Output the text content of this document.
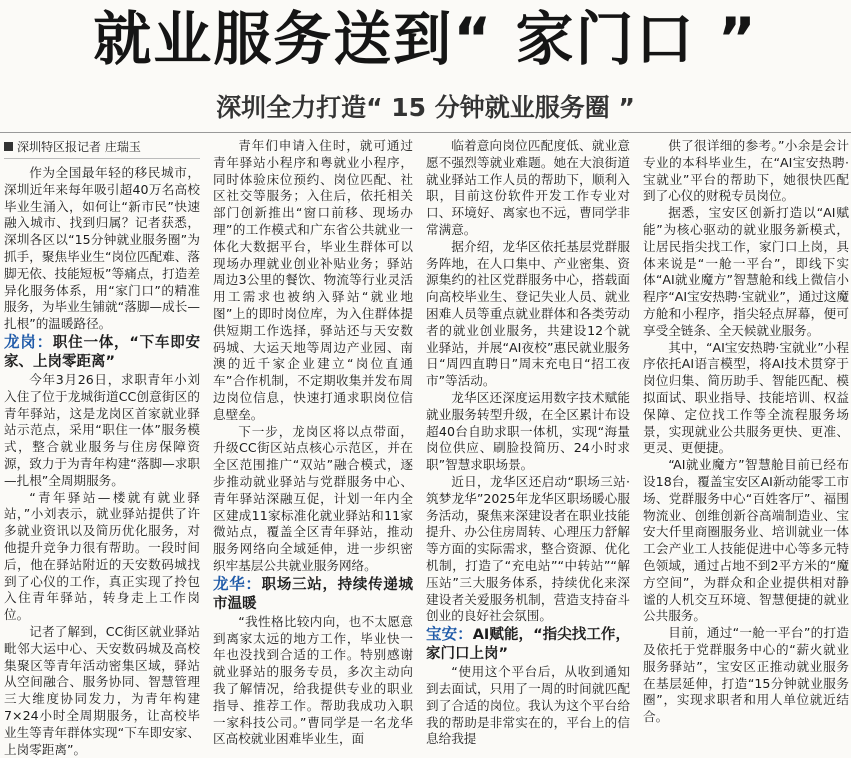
就业服务送到“ 家门口 ”
深圳全力打造“ 15 分钟就业服务圈 ”
深圳特区报记者 庄瑞玉

作为全国最年轻的移民城市，深圳近年来每年吸引超40万名高校毕业生涌入，如何让“新市民”快速融入城市、找到归属？记者获悉，深圳各区以“15分钟就业服务圈”为抓手，聚焦毕业生“岗位匹配难、落脚无依、技能短板”等痛点，打造差异化服务体系，用“家门口”的精准服务，为毕业生铺就“落脚—成长—扎根”的温暖路径。

龙岗：职住一体，“下车即安家、上岗零距离”

今年3月26日，求职青年小刘入住了位于龙城街道CC创意街区的青年驿站，这是龙岗区首家就业驿站示范点，采用“职住一体”服务模式，整合就业服务与住房保障资源，致力于为青年构建“落脚—求职—扎根”全周期服务。

“青年驿站—楼就有就业驿站，”小刘表示，就业驿站提供了许多就业资讯以及简历优化服务，对他提升竞争力很有帮助。一段时间后，他在驿站附近的天安数码城找到了心仪的工作，真正实现了拎包入住青年驿站，转身走上工作岗位。

记者了解到，CC街区就业驿站毗邻大运中心、天安数码城及高校集聚区等青年活动密集区域，驿站从空间融合、服务协同、智慧管理三大维度协同发力，为青年构建7×24小时全周期服务，让高校毕业生等青年群体实现“下车即安家、上岗零距离”。

青年们申请入住时，就可通过青年驿站小程序和粤就业小程序，同时体验床位预约、岗位匹配、社区社交等服务；入住后，依托相关部门创新推出“窗口前移、现场办理”的工作模式和广东省公共就业一体化大数据平台，毕业生群体可以现场办理就业创业补贴业务；驿站周边3公里的餐饮、物流等行业灵活用工需求也被纳入驿站“就业地图”上的即时岗位库，为入住群体提供短期工作选择，驿站还与天安数码城、大运天地等周边产业园、南澳的近千家企业建立“岗位直通车”合作机制，不定期收集并发布周边岗位信息，快速打通求职岗位信息壁垒。

下一步，龙岗区将以点带面，升级CC街区站点核心示范区，并在全区范围推广“双站”融合模式，逐步推动就业驿站与党群服务中心、青年驿站深融互促，计划一年内全区建成11家标准化就业驿站和11家微站点，覆盖全区青年驿站，推动服务网络向全域延伸，进一步织密织牢基层公共就业服务网络。

龙华：职场三站，持续传递城市温暖

“我性格比较内向，也不太愿意到离家太远的地方工作，毕业快一年也没找到合适的工作。特别感谢就业驿站的服务专员，多次主动向我了解情况，给我提供专业的职业指导、推荐工作。帮助我成功入职一家科技公司。”曹同学是一名龙华区高校就业困难毕业生，面

临着意向岗位匹配度低、就业意愿不强烈等就业难题。她在大浪街道就业驿站工作人员的帮助下，顺利入职，目前这份软件开发工作专业对口、环境好、离家也不远，曹同学非常满意。

据介绍，龙华区依托基层党群服务阵地，在人口集中、产业密集、资源集约的社区党群服务中心，搭载面向高校毕业生、登记失业人员、就业困难人员等重点就业群体和各类劳动者的就业创业服务，共建设12个就业驿站，并展“AI夜校”惠民就业服务日“周四直聘日”周末充电日“招工夜市”等活动。

龙华区还深度运用数字技术赋能就业服务转型升级，在全区累计布设超40台自助求职一体机，实现“海量岗位供应、刷脸投简历、24小时求职”智慧求职场景。

近日，龙华区还启动“职场三站·筑梦龙华”2025年龙华区职场暖心服务活动，聚焦来深建设者在职业技能提升、办公住房周转、心理压力舒解等方面的实际需求，整合资源、优化机制，打造了“充电站”“中转站”“解压站”三大服务体系，持续优化来深建设者关爱服务机制，营造支持奋斗创业的良好社会氛围。

宝安：AI赋能，“指尖找工作，家门口上岗”

“使用这个平台后，从收到通知到去面试，只用了一周的时间就匹配到了合适的岗位。我认为这个平台给我的帮助是非常实在的，平台上的信息给我提

供了很详细的参考。”小余是会计专业的本科毕业生，在“AI宝安热聘·宝就业”平台的帮助下，她很快匹配到了心仪的财税专员岗位。

据悉，宝安区创新打造以“AI赋能”为核心驱动的就业服务新模式，让居民指尖找工作，家门口上岗，具体来说是“一舱一平台”，即线下实体“AI就业魔方”智慧舱和线上微信小程序“AI宝安热聘·宝就业”，通过这魔方舱和小程序，指尖轻点屏幕，便可享受全链条、全天候就业服务。

其中，“AI宝安热聘·宝就业”小程序依托AI语言模型，将AI技术贯穿于岗位归集、简历助手、智能匹配、模拟面试、职业指导、技能培训、权益保障、定位找工作等全流程服务场景，实现就业公共服务更快、更准、更灵、更便捷。

“AI就业魔方”智慧舱目前已经布设18台，覆盖宝安区AI新动能零工市场、党群服务中心“百姓客厅”、福围物流业、创维创新谷高端制造业、宝安大仟里商圈服务业、培训就业一体工会产业工人技能促进中心等多元特色领域，通过占地不到2平方米的“魔方空间”，为群众和企业提供相对静谧的人机交互环境、智慧便捷的就业公共服务。

目前，通过“一舱一平台”的打造及依托于党群服务中心的“薪火就业服务驿站”，宝安区正推动就业服务在基层延伸，打造“15分钟就业服务圈”，实现求职者和用人单位就近结合。
